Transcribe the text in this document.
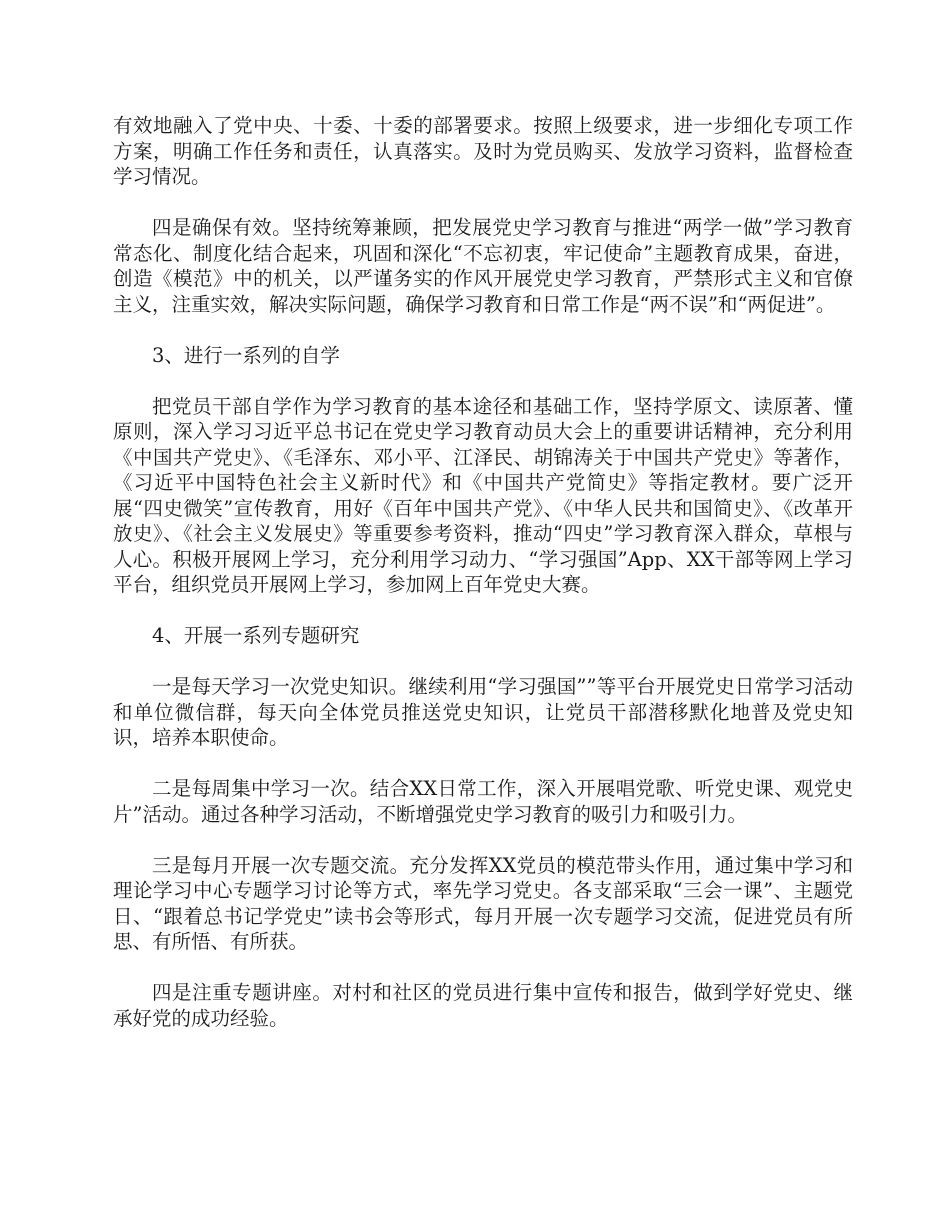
有效地融入了党中央、十委、十委的部署要求。按照上级要求，进一步细化专项工作方案，明确工作任务和责任，认真落实。及时为党员购买、发放学习资料，监督检查学习情况。

四是确保有效。坚持统筹兼顾，把发展党史学习教育与推进“两学一做”学习教育常态化、制度化结合起来，巩固和深化“不忘初衷，牢记使命”主题教育成果，奋进，创造《模范》中的机关，以严谨务实的作风开展党史学习教育，严禁形式主义和官僚主义，注重实效，解决实际问题，确保学习教育和日常工作是“两不误”和“两促进”。

3、进行一系列的自学

把党员干部自学作为学习教育的基本途径和基础工作，坚持学原文、读原著、懂原则，深入学习习近平总书记在党史学习教育动员大会上的重要讲话精神，充分利用《中国共产党史》、《毛泽东、邓小平、江泽民、胡锦涛关于中国共产党史》等著作，《习近平中国特色社会主义新时代》和《中国共产党简史》等指定教材。要广泛开展“四史微笑”宣传教育，用好《百年中国共产党》、《中华人民共和国简史》、《改革开放史》、《社会主义发展史》等重要参考资料，推动“四史”学习教育深入群众，草根与人心。积极开展网上学习，充分利用学习动力、“学习强国”App、XX干部等网上学习平台，组织党员开展网上学习，参加网上百年党史大赛。

4、开展一系列专题研究

一是每天学习一次党史知识。继续利用“学习强国””等平台开展党史日常学习活动和单位微信群，每天向全体党员推送党史知识，让党员干部潜移默化地普及党史知识，培养本职使命。

二是每周集中学习一次。结合XX日常工作，深入开展唱党歌、听党史课、观党史片”活动。通过各种学习活动，不断增强党史学习教育的吸引力和吸引力。

三是每月开展一次专题交流。充分发挥XX党员的模范带头作用，通过集中学习和理论学习中心专题学习讨论等方式，率先学习党史。各支部采取“三会一课”、主题党日、“跟着总书记学党史”读书会等形式，每月开展一次专题学习交流，促进党员有所思、有所悟、有所获。

四是注重专题讲座。对村和社区的党员进行集中宣传和报告，做到学好党史、继承好党的成功经验。
